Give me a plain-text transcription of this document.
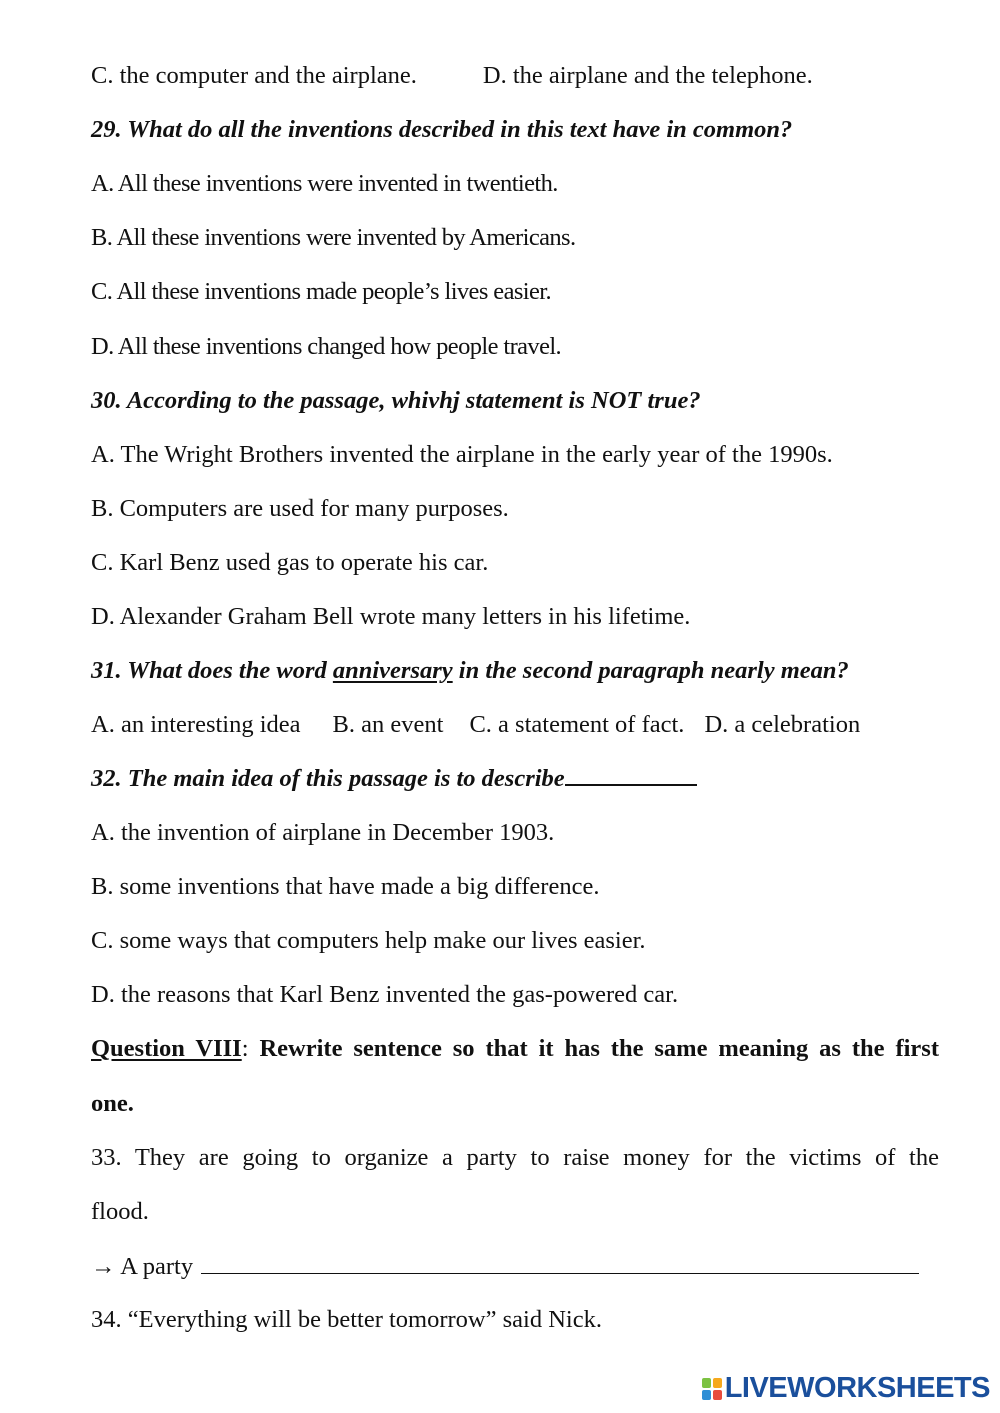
C. the computer and the airplane.	D. the airplane and the telephone.
29. What do all the inventions described in this text have in common?
A. All these inventions were invented in twentieth.
B. All these inventions were invented by Americans.
C. All these inventions made people’s lives easier.
D. All these inventions changed how people travel.
30. According to the passage, whivhj statement is NOT true?
A. The Wright Brothers invented the airplane in the early year of the 1990s.
B. Computers are used for many purposes.
C. Karl Benz used gas to operate his car.
D. Alexander Graham Bell wrote many letters in his lifetime.
31. What does the word anniversary in the second paragraph nearly mean?
A. an interesting idea B. an event C. a statement of fact. D. a celebration
32. The main idea of this passage is to describe
A. the invention of airplane in December 1903.
B. some inventions that have made a big difference.
C. some ways that computers help make our lives easier.
D. the reasons that Karl Benz invented the gas-powered car.
Question VIII: Rewrite sentence so that it has the same meaning as the first
one.
33. They are going to organize a party to raise money for the victims of the
flood.
→ A party
34. “Everything will be better tomorrow” said Nick.
LIVEWORKSHEETS
